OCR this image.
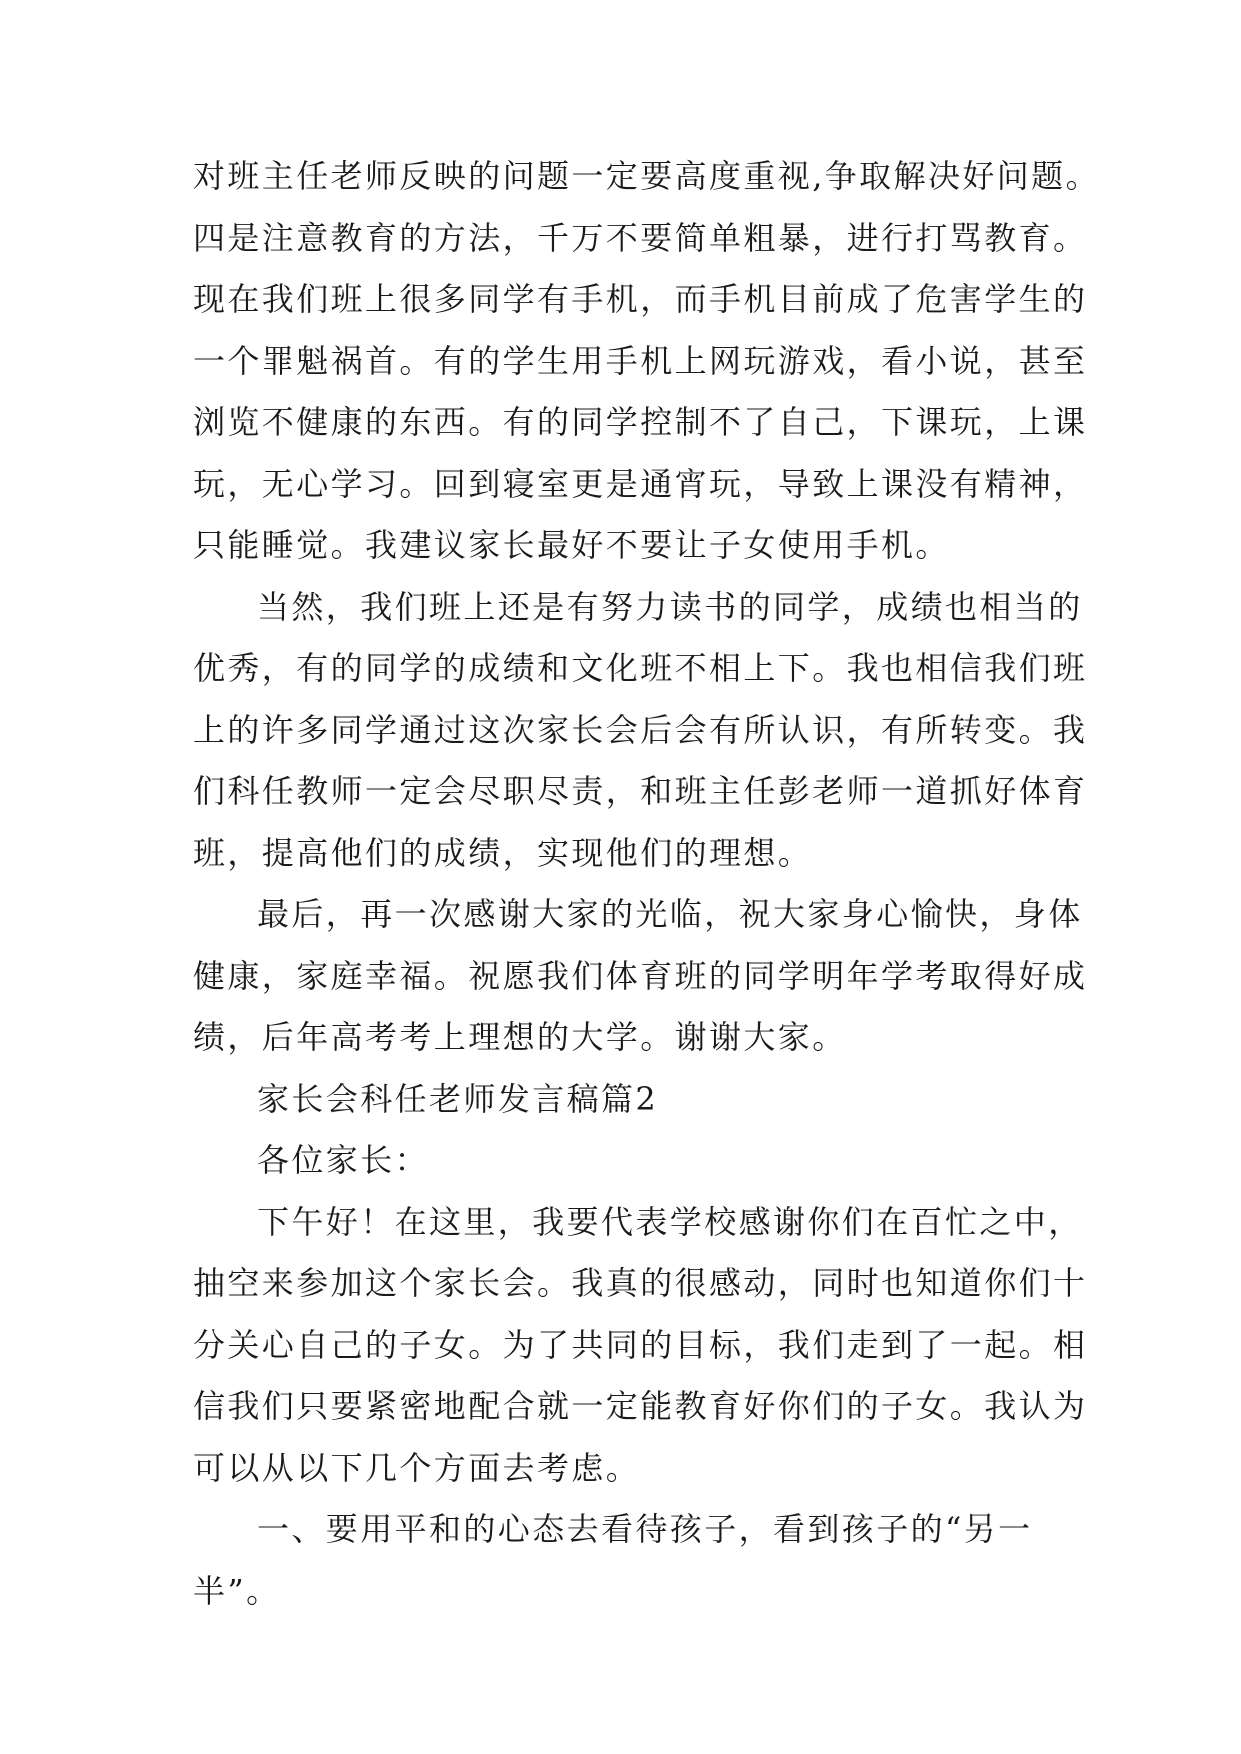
对班主任老师反映的问题一定要高度重视,争取解决好问题。
四是注意教育的方法，千万不要简单粗暴，进行打骂教育。
现在我们班上很多同学有手机，而手机目前成了危害学生的
一个罪魁祸首。有的学生用手机上网玩游戏，看小说，甚至
浏览不健康的东西。有的同学控制不了自己，下课玩，上课
玩，无心学习。回到寝室更是通宵玩，导致上课没有精神，
只能睡觉。我建议家长最好不要让子女使用手机。
当然，我们班上还是有努力读书的同学，成绩也相当的
优秀，有的同学的成绩和文化班不相上下。我也相信我们班
上的许多同学通过这次家长会后会有所认识，有所转变。我
们科任教师一定会尽职尽责，和班主任彭老师一道抓好体育
班，提高他们的成绩，实现他们的理想。
最后，再一次感谢大家的光临，祝大家身心愉快，身体
健康，家庭幸福。祝愿我们体育班的同学明年学考取得好成
绩，后年高考考上理想的大学。谢谢大家。
家长会科任老师发言稿篇2
各位家长：
下午好！在这里，我要代表学校感谢你们在百忙之中，
抽空来参加这个家长会。我真的很感动，同时也知道你们十
分关心自己的子女。为了共同的目标，我们走到了一起。相
信我们只要紧密地配合就一定能教育好你们的子女。我认为
可以从以下几个方面去考虑。
一、要用平和的心态去看待孩子，看到孩子的“另一
半”。
